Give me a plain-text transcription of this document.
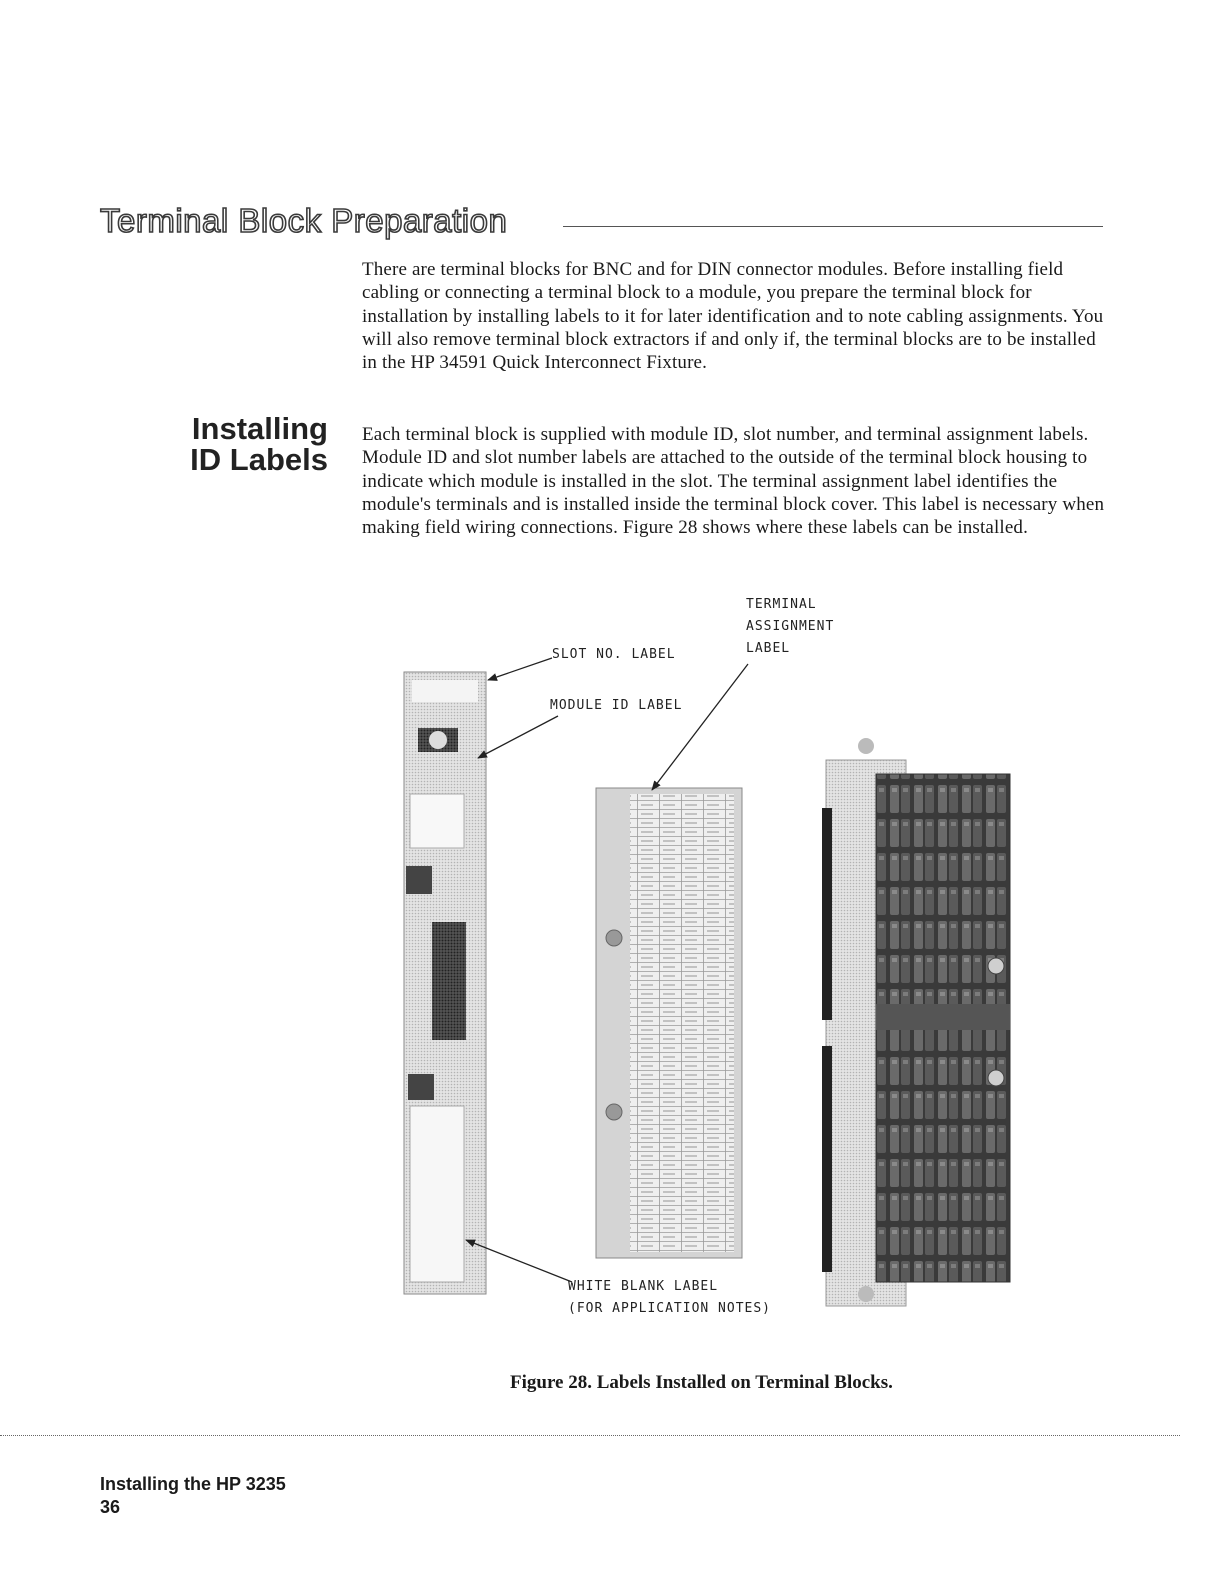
Terminal Block Preparation

There are terminal blocks for BNC and for DIN connector modules. Before installing field cabling or connecting a terminal block to a module, you prepare the terminal block for installation by installing labels to it for later identification and to note cabling assignments. You will also remove terminal block extractors if and only if, the terminal blocks are to be installed in the HP 34591 Quick Interconnect Fixture.

Installing
ID Labels

Each terminal block is supplied with module ID, slot number, and terminal assignment labels. Module ID and slot number labels are attached to the outside of the terminal block housing to indicate which module is installed in the slot. The terminal assignment label identifies the module's terminals and is installed inside the terminal block cover. This label is necessary when making field wiring connections. Figure 28 shows where these labels can be installed.

TERMINAL
ASSIGNMENT
LABEL
SLOT NO. LABEL
MODULE ID LABEL
WHITE BLANK LABEL
(FOR APPLICATION NOTES)

Figure 28. Labels Installed on Terminal Blocks.

Installing the HP 3235
36
